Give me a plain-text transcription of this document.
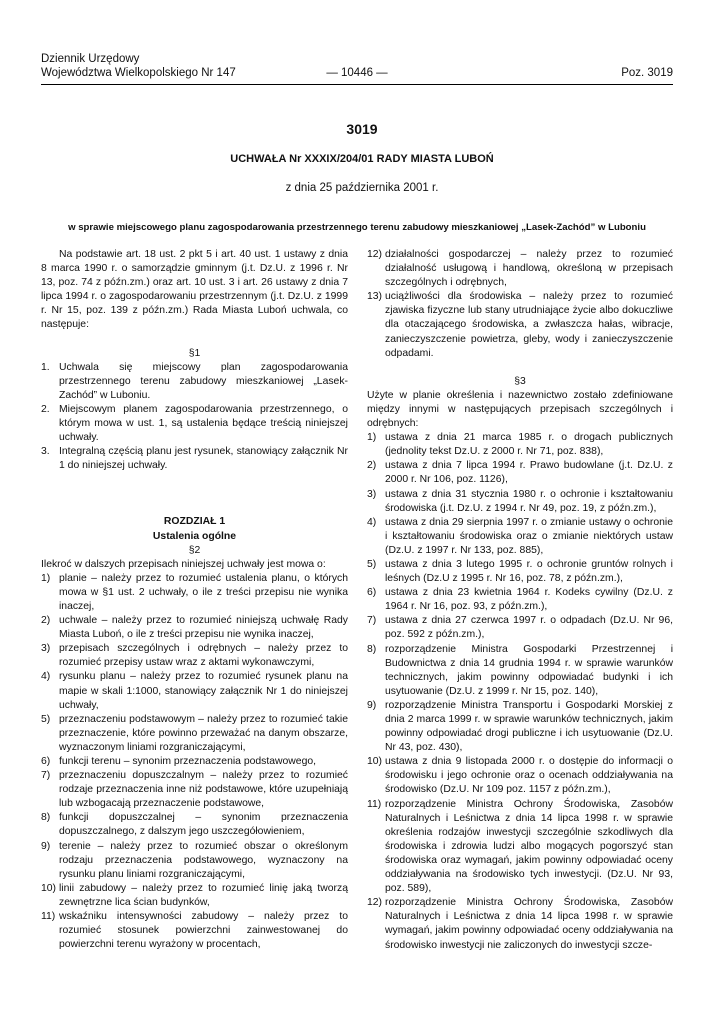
Dziennik Urzędowy
Województwa Wielkopolskiego Nr 147	— 10446 —	Poz. 3019
3019
UCHWAŁA Nr XXXIX/204/01 RADY MIASTA LUBOŃ
z dnia 25 października 2001 r.
w sprawie miejscowego planu zagospodarowania przestrzennego terenu zabudowy mieszkaniowej „Lasek-Zachód” w Luboniu

Na podstawie art. 18 ust. 2 pkt 5 i art. 40 ust. 1 ustawy z dnia 8 marca 1990 r. o samorządzie gminnym (j.t. Dz.U. z 1996 r. Nr 13, poz. 74 z późn.zm.) oraz art. 10 ust. 3 i art. 26 ustawy z dnia 7 lipca 1994 r. o zagospodarowaniu przestrzennym (j.t. Dz.U. z 1999 r. Nr 15, poz. 139 z późn.zm.) Rada Miasta Luboń uchwala, co następuje:

§1

1. Uchwala się miejscowy plan zagospodarowania przestrzennego terenu zabudowy mieszkaniowej „Lasek-Zachód” w Luboniu.
2. Miejscowym planem zagospodarowania przestrzennego, o którym mowa w ust. 1, są ustalenia będące treścią niniejszej uchwały.
3. Integralną częścią planu jest rysunek, stanowiący załącznik Nr 1 do niniejszej uchwały.

ROZDZIAŁ 1

Ustalenia ogólne

§2

Ilekroć w dalszych przepisach niniejszej uchwały jest mowa o:

1) planie – należy przez to rozumieć ustalenia planu, o których mowa w §1 ust. 2 uchwały, o ile z treści przepisu nie wynika inaczej,
2) uchwale – należy przez to rozumieć niniejszą uchwałę Rady Miasta Luboń, o ile z treści przepisu nie wynika inaczej,
3) przepisach szczególnych i odrębnych – należy przez to rozumieć przepisy ustaw wraz z aktami wykonawczymi,
4) rysunku planu – należy przez to rozumieć rysunek planu na mapie w skali 1:1000, stanowiący załącznik Nr 1 do niniejszej uchwały,
5) przeznaczeniu podstawowym – należy przez to rozumieć takie przeznaczenie, które powinno przeważać na danym obszarze, wyznaczonym liniami rozgraniczającymi,
6) funkcji terenu – synonim przeznaczenia podstawowego,
7) przeznaczeniu dopuszczalnym – należy przez to rozumieć rodzaje przeznaczenia inne niż podstawowe, które uzupełniają lub wzbogacają przeznaczenie podstawowe,
8) funkcji dopuszczalnej – synonim przeznaczenia dopuszczalnego, z dalszym jego uszczegółowieniem,
9) terenie – należy przez to rozumieć obszar o określonym rodzaju przeznaczenia podstawowego, wyznaczony na rysunku planu liniami rozgraniczającymi,
10) linii zabudowy – należy przez to rozumieć linię jaką tworzą zewnętrzne lica ścian budynków,
11) wskaźniku intensywności zabudowy – należy przez to rozumieć stosunek powierzchni zainwestowanej do powierzchni terenu wyrażony w procentach,
12) działalności gospodarczej – należy przez to rozumieć działalność usługową i handlową, określoną w przepisach szczególnych i odrębnych,
13) uciążliwości dla środowiska – należy przez to rozumieć zjawiska fizyczne lub stany utrudniające życie albo dokuczliwe dla otaczającego środowiska, a zwłaszcza hałas, wibracje, zanieczyszczenie powietrza, gleby, wody i zanieczyszczenie odpadami.

§3

Użyte w planie określenia i nazewnictwo zostało zdefiniowane między innymi w następujących przepisach szczególnych i odrębnych:

1) ustawa z dnia 21 marca 1985 r. o drogach publicznych (jednolity tekst Dz.U. z 2000 r. Nr 71, poz. 838),
2) ustawa z dnia 7 lipca 1994 r. Prawo budowlane (j.t. Dz.U. z 2000 r. Nr 106, poz. 1126),
3) ustawa z dnia 31 stycznia 1980 r. o ochronie i kształtowaniu środowiska (j.t. Dz.U. z 1994 r. Nr 49, poz. 19, z późn.zm.),
4) ustawa z dnia 29 sierpnia 1997 r. o zmianie ustawy o ochronie i kształtowaniu środowiska oraz o zmianie niektórych ustaw (Dz.U. z 1997 r. Nr 133, poz. 885),
5) ustawa z dnia 3 lutego 1995 r. o ochronie gruntów rolnych i leśnych (Dz.U z 1995 r. Nr 16, poz. 78, z późn.zm.),
6) ustawa z dnia 23 kwietnia 1964 r. Kodeks cywilny (Dz.U. z 1964 r. Nr 16, poz. 93, z późn.zm.),
7) ustawa z dnia 27 czerwca 1997 r. o odpadach (Dz.U. Nr 96, poz. 592 z późn.zm.),
8) rozporządzenie Ministra Gospodarki Przestrzennej i Budownictwa z dnia 14 grudnia 1994 r. w sprawie warunków technicznych, jakim powinny odpowiadać budynki i ich usytuowanie (Dz.U. z 1999 r. Nr 15, poz. 140),
9) rozporządzenie Ministra Transportu i Gospodarki Morskiej z dnia 2 marca 1999 r. w sprawie warunków technicznych, jakim powinny odpowiadać drogi publiczne i ich usytuowanie (Dz.U. Nr 43, poz. 430),
10) ustawa z dnia 9 listopada 2000 r. o dostępie do informacji o środowisku i jego ochronie oraz o ocenach oddziaływania na środowisko (Dz.U. Nr 109 poz. 1157 z późn.zm.),
11) rozporządzenie Ministra Ochrony Środowiska, Zasobów Naturalnych i Leśnictwa z dnia 14 lipca 1998 r. w sprawie określenia rodzajów inwestycji szczególnie szkodliwych dla środowiska i zdrowia ludzi albo mogących pogorszyć stan środowiska oraz wymagań, jakim powinny odpowiadać oceny oddziaływania na środowisko tych inwestycji. (Dz.U. Nr 93, poz. 589),
12) rozporządzenie Ministra Ochrony Środowiska, Zasobów Naturalnych i Leśnictwa z dnia 14 lipca 1998 r. w sprawie wymagań, jakim powinny odpowiadać oceny oddziaływania na środowisko inwestycji nie zaliczonych do inwestycji szcze-
